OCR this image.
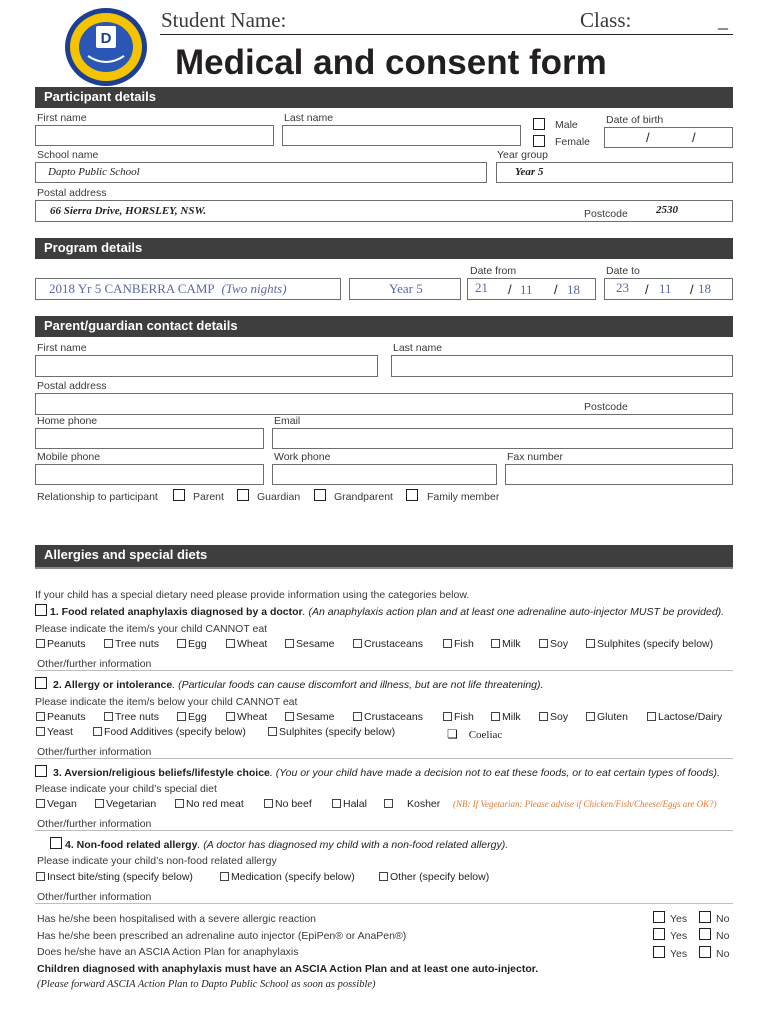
D
Student Name:	Class:	_
Medical and consent form
Participant details
First name	Last name
Male
Female
Date of birth
/	/
School name
Dapto Public School
Year group
Year 5
Postal address
66 Sierra Drive, HORSLEY, NSW.	Postcode	2530
Program details
Date from	Date to
2018 Yr 5 CANBERRA CAMP (Two nights)	Year 5	21 / 11 / 18	23 / 11 / 18
Parent/guardian contact details
First name	Last name
Postal address
Postcode
Home phone	Email
Mobile phone	Work phone	Fax number
Relationship to participant	Parent	Guardian	Grandparent	Family member
Allergies and special diets
If your child has a special dietary need please provide information using the categories below.
1. Food related anaphylaxis diagnosed by a doctor. (An anaphylaxis action plan and at least one adrenaline auto-injector MUST be provided).
Please indicate the item/s your child CANNOT eat
Peanuts	Tree nuts	Egg	Wheat	Sesame	Crustaceans	Fish	Milk	Soy	Sulphites (specify below)
Other/further information
2. Allergy or intolerance. (Particular foods can cause discomfort and illness, but are not life threatening).
Please indicate the item/s below your child CANNOT eat
Peanuts	Tree nuts	Egg	Wheat	Sesame	Crustaceans	Fish	Milk	Soy	Gluten	Lactose/Dairy
Yeast	Food Additives (specify below)	Sulphites (specify below)	❏ Coeliac
Other/further information
3. Aversion/religious beliefs/lifestyle choice. (You or your child have made a decision not to eat these foods, or to eat certain types of foods).
Please indicate your child’s special diet
Vegan	Vegetarian	No red meat	No beef	Halal	Kosher (NB: If Vegetarian: Please advise if Chicken/Fish/Cheese/Eggs are OK?)
Other/further information
4. Non-food related allergy. (A doctor has diagnosed my child with a non-food related allergy).
Please indicate your child’s non-food related allergy
Insect bite/sting (specify below)	Medication (specify below)	Other (specify below)
Other/further information
Has he/she been hospitalised with a severe allergic reaction	Yes	No
Has he/she been prescribed an adrenaline auto injector (EpiPen® or AnaPen®)	Yes	No
Does he/she have an ASCIA Action Plan for anaphylaxis	Yes	No
Children diagnosed with anaphylaxis must have an ASCIA Action Plan and at least one auto-injector.
(Please forward ASCIA Action Plan to Dapto Public School as soon as possible)
